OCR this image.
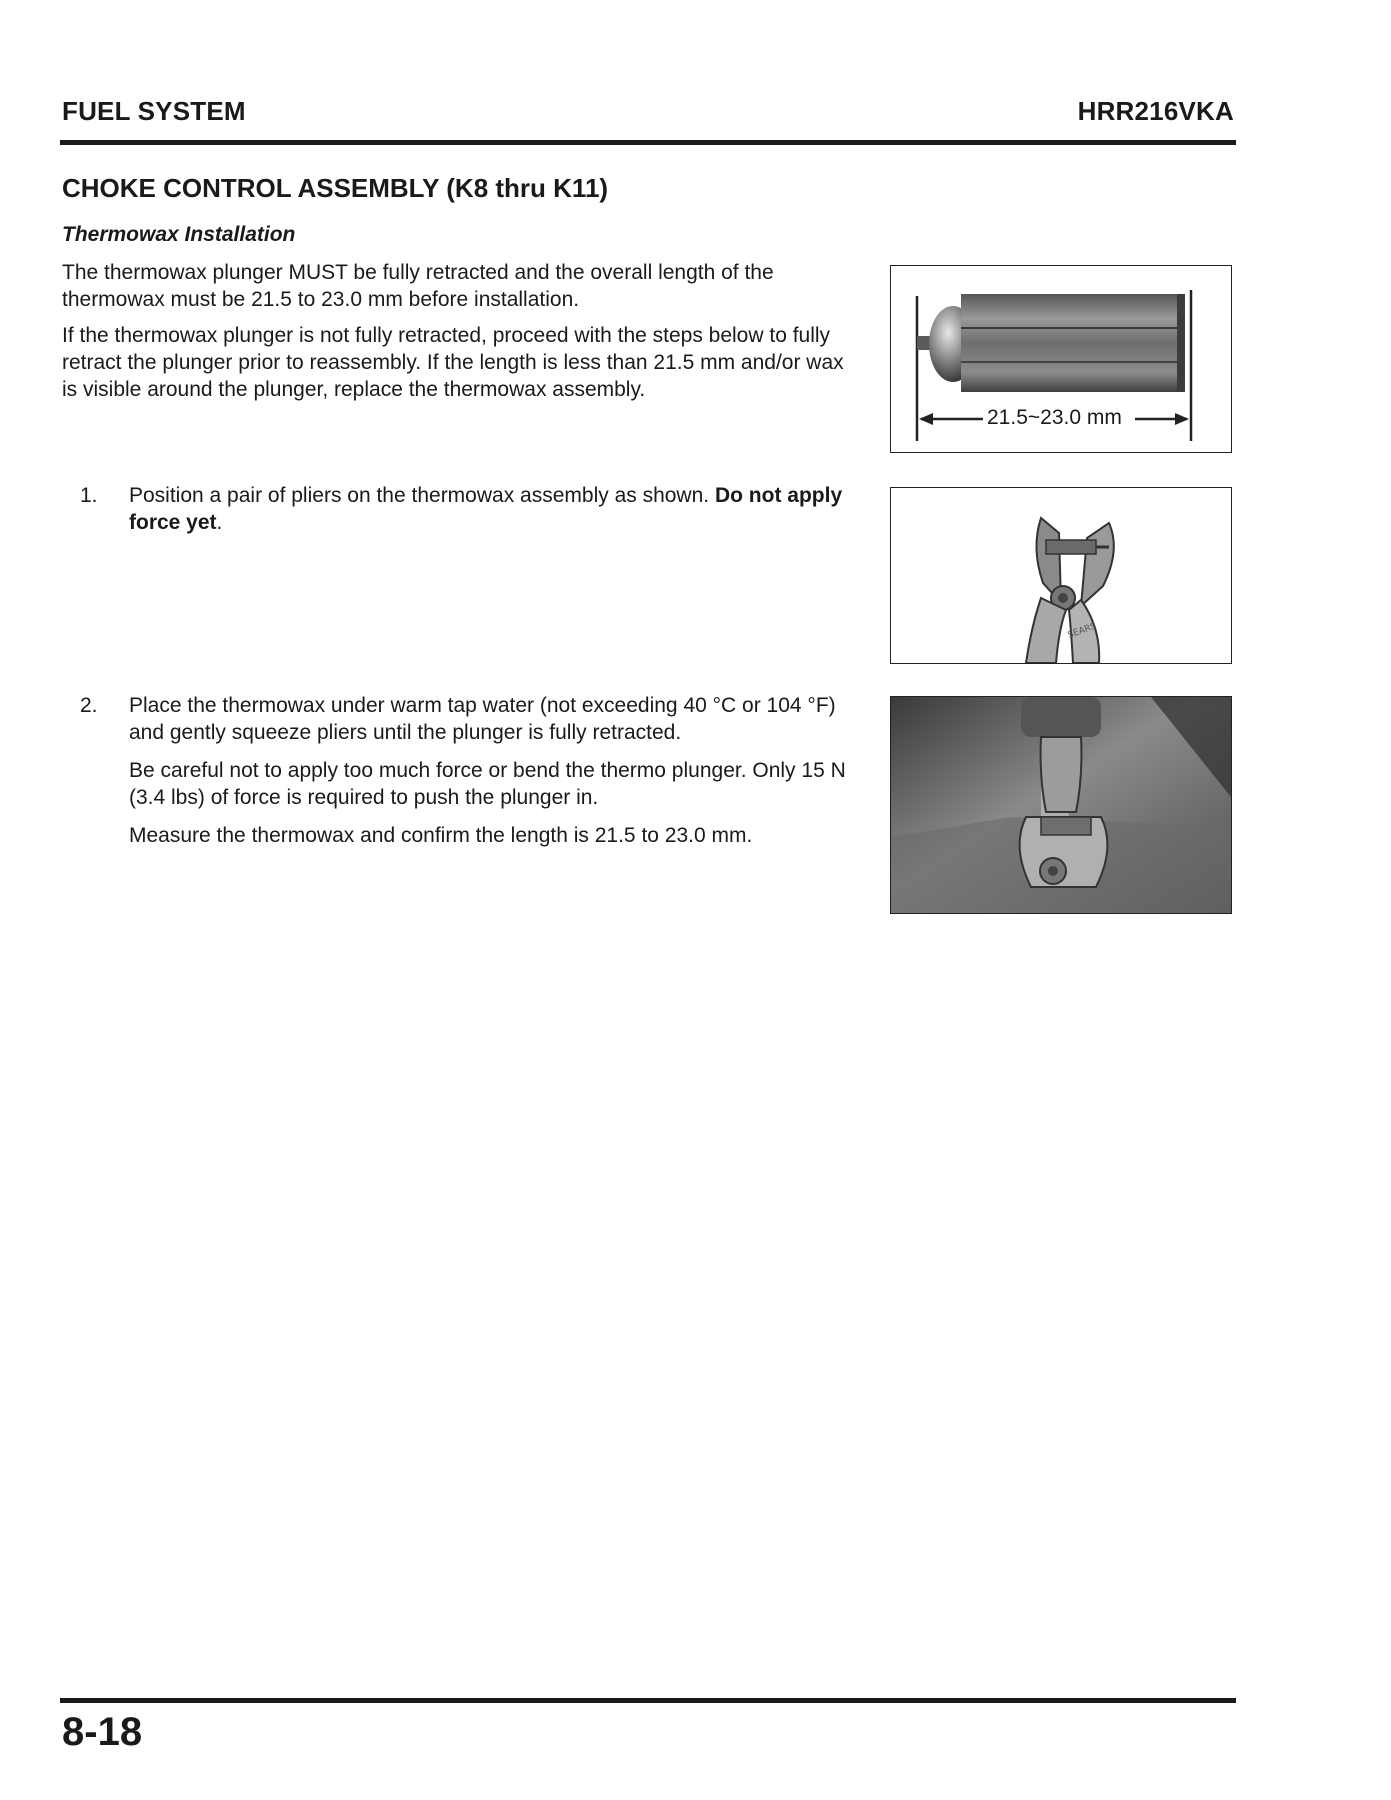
FUEL SYSTEM	HRR216VKA
CHOKE CONTROL ASSEMBLY (K8 thru K11)
Thermowax Installation

The thermowax plunger MUST be fully retracted and the overall length of the thermowax must be 21.5 to 23.0 mm before installation.

If the thermowax plunger is not fully retracted, proceed with the steps below to fully retract the plunger prior to reassembly. If the length is less than 21.5 mm and/or wax is visible around the plunger, replace the thermowax assembly.

21.5~23.0 mm
1. Position a pair of pliers on the thermowax assembly as shown. Do not apply force yet.
SEARS
2. Place the thermowax under warm tap water (not exceeding 40 °C or 104 °F) and gently squeeze pliers until the plunger is fully retracted.

Be careful not to apply too much force or bend the thermo plunger. Only 15 N (3.4 lbs) of force is required to push the plunger in.

Measure the thermowax and confirm the length is 21.5 to 23.0 mm.

8-18
